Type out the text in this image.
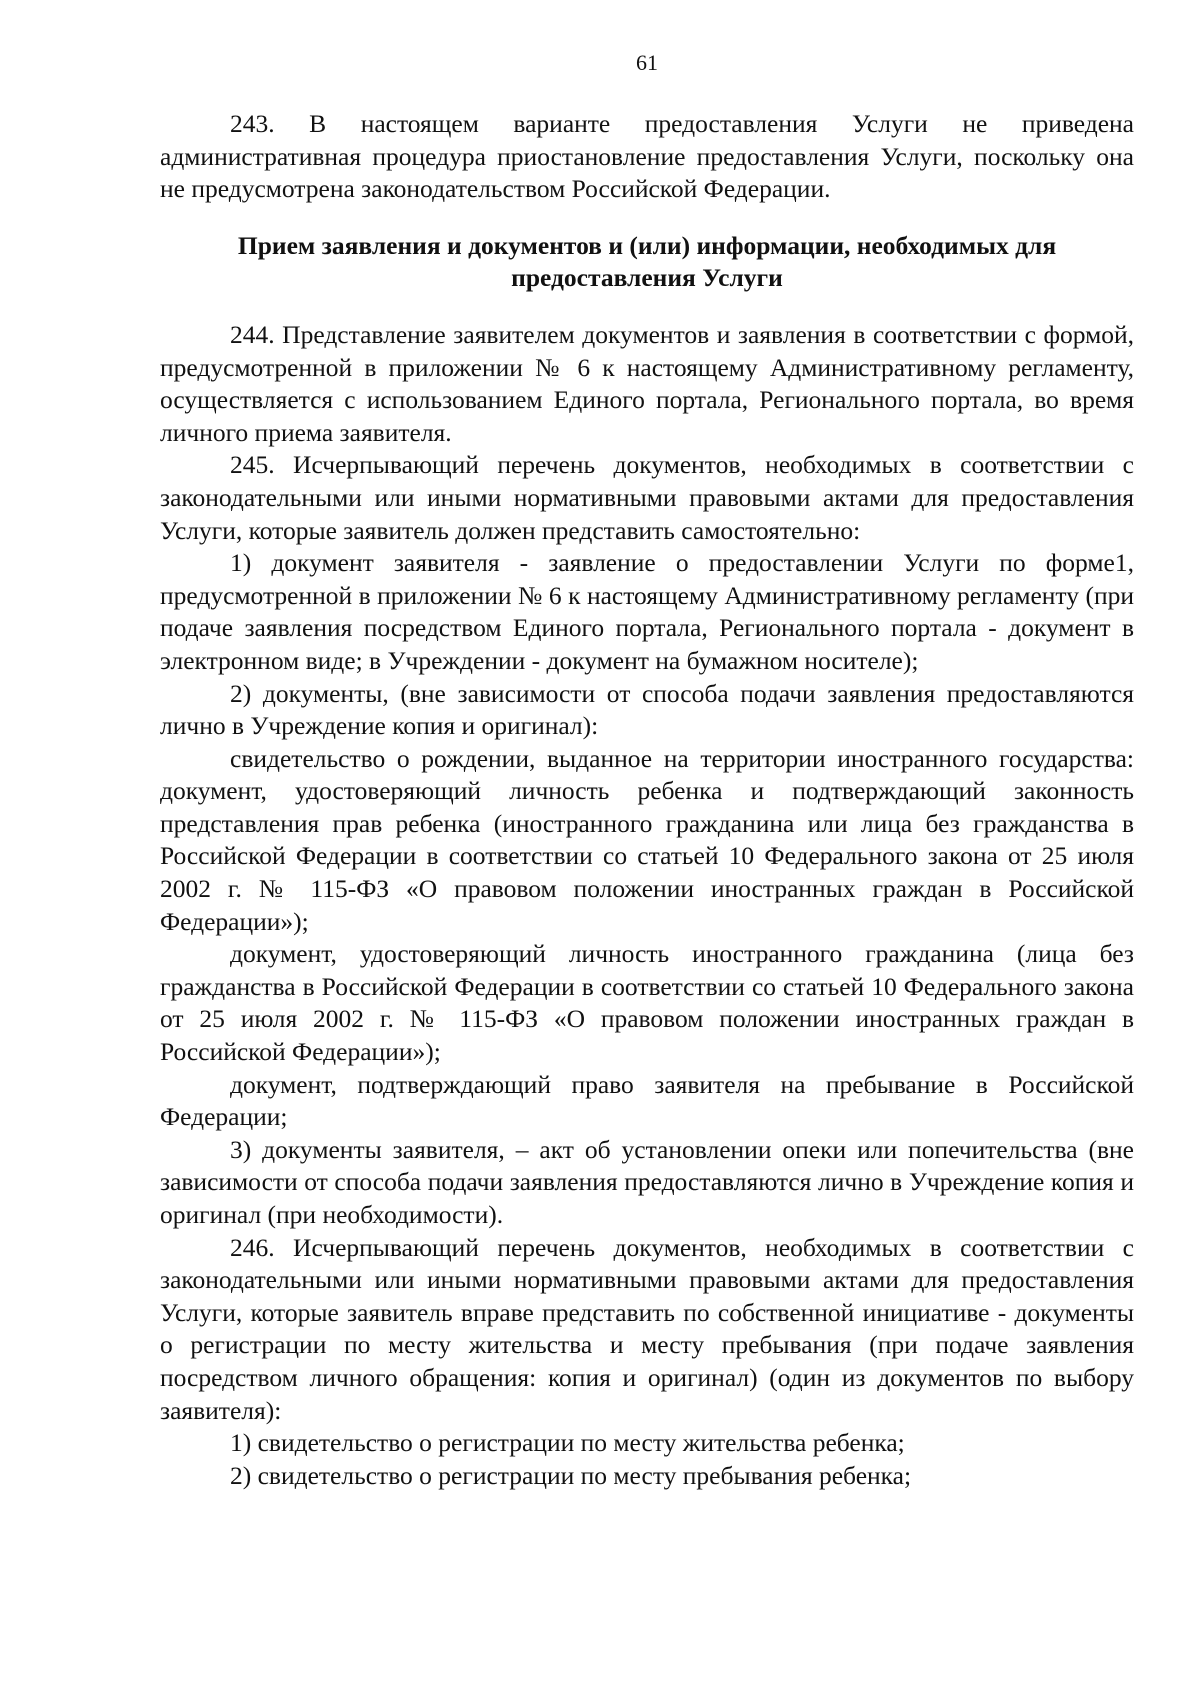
61

243. В настоящем варианте предоставления Услуги не приведена административная процедура приостановление предоставления Услуги, поскольку она не предусмотрена законодательством Российской Федерации.

Прием заявления и документов и (или) информации, необходимых для предоставления Услуги

244. Представление заявителем документов и заявления в соответствии с формой, предусмотренной в приложении № 6 к настоящему Административному регламенту, осуществляется с использованием Единого портала, Регионального портала, во время личного приема заявителя.

245. Исчерпывающий перечень документов, необходимых в соответствии с законодательными или иными нормативными правовыми актами для предоставления Услуги, которые заявитель должен представить самостоятельно:

1) документ заявителя - заявление о предоставлении Услуги по форме1, предусмотренной в приложении № 6 к настоящему Административному регламенту (при подаче заявления посредством Единого портала, Регионального портала - документ в электронном виде; в Учреждении - документ на бумажном носителе);

2) документы, (вне зависимости от способа подачи заявления предоставляются лично в Учреждение копия и оригинал):

свидетельство о рождении, выданное на территории иностранного государства: документ, удостоверяющий личность ребенка и подтверждающий законность представления прав ребенка (иностранного гражданина или лица без гражданства в Российской Федерации в соответствии со статьей 10 Федерального закона от 25 июля 2002 г. № 115-ФЗ «О правовом положении иностранных граждан в Российской Федерации»);

документ, удостоверяющий личность иностранного гражданина (лица без гражданства в Российской Федерации в соответствии со статьей 10 Федерального закона от 25 июля 2002 г. № 115-ФЗ «О правовом положении иностранных граждан в Российской Федерации»);

документ, подтверждающий право заявителя на пребывание в Российской Федерации;

3) документы заявителя, – акт об установлении опеки или попечительства (вне зависимости от способа подачи заявления предоставляются лично в Учреждение копия и оригинал (при необходимости).

246. Исчерпывающий перечень документов, необходимых в соответствии с законодательными или иными нормативными правовыми актами для предоставления Услуги, которые заявитель вправе представить по собственной инициативе - документы о регистрации по месту жительства и месту пребывания (при подаче заявления посредством личного обращения: копия и оригинал) (один из документов по выбору заявителя):

1) свидетельство о регистрации по месту жительства ребенка;

2) свидетельство о регистрации по месту пребывания ребенка;
